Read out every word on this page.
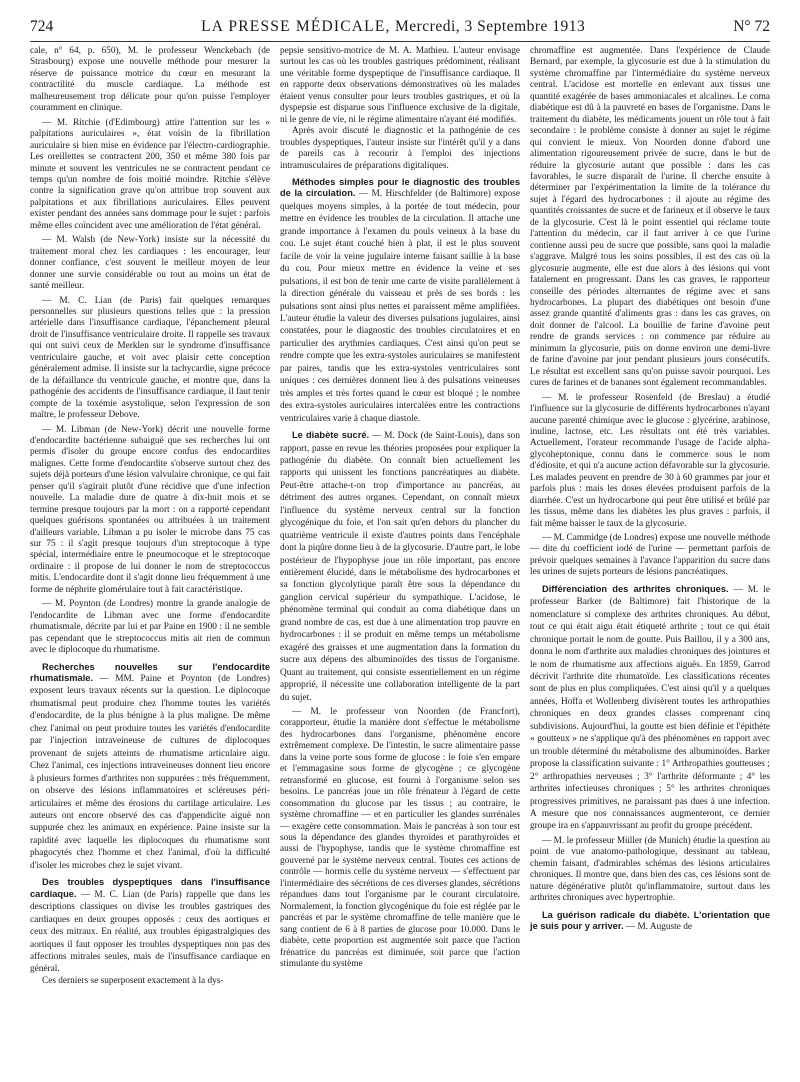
724	LA PRESSE MÉDICALE, Mercredi, 3 Septembre 1913	N° 72

cale, n° 64, p. 650), M. le professeur Wenckebach (de Strasbourg) expose une nouvelle méthode pour mesurer la réserve de puissance motrice du cœur en mesurant la contractilité du muscle cardiaque. La méthode est malheureusement trop délicate pour qu'on puisse l'employer couramment en clinique.

— M. Ritchie (d'Edimbourg) attire l'attention sur les « palpitations auriculaires », état voisin de la fibrillation auriculaire si bien mise en évidence par l'électro-cardiographie. Les oreillettes se contractent 200, 350 et même 380 fois par minute et souvent les ventricules ne se contractent pendant ce temps qu'un nombre de fois moitié moindre. Ritchie s'élève contre la signification grave qu'on attribue trop souvent aux palpitations et aux fibrillations auriculaires. Elles peuvent exister pendant des années sans dommage pour le sujet : parfois même elles coïncident avec une amélioration de l'état général.

— M. Walsh (de New-York) insiste sur la nécessité du traitement moral chez les cardiaques : les encourager, leur donner confiance, c'est souvent le meilleur moyen de leur donner une survie considérable ou tout au moins un état de santé meilleur.

— M. C. Lian (de Paris) fait quelques remarques personnelles sur plusieurs questions telles que : la pression artérielle dans l'insuffisance cardiaque, l'épanchement pleural droit de l'insuffisance ventriculaire droite. Il rappelle ses travaux qui ont suivi ceux de Merklen sur le syndrome d'insuffisance ventriculaire gauche, et voit avec plaisir cette conception généralement admise. Il insiste sur la tachycardie, signe précoce de la défaillance du ventricule gauche, et montre que, dans la pathogénie des accidents de l'insuffisance cardiaque, il faut tenir compte de la toxémie asystolique, selon l'expression de son maître, le professeur Debove.

— M. Libman (de New-York) décrit une nouvelle forme d'endocardite bactérienne subaiguë que ses recherches lui ont permis d'isoler du groupe encore confus des endocardites malignes. Cette forme d'endocardite s'observe surtout chez des sujets déjà porteurs d'une lésion valvulaire chronique, ce qui fait penser qu'il s'agirait plutôt d'une récidive que d'une infection nouvelle. La maladie dure de quatre à dix-huit mois et se termine presque toujours par la mort : on a rapporté cependant quelques guérisons spontanées ou attribuées à un traitement d'ailleurs variable. Libman a pu isoler le microbe dans 75 cas sur 75 : il s'agit presque toujours d'un streptocoque à type spécial, intermédiaire entre le pneumocoque et le streptocoque ordinaire : il propose de lui donner le nom de streptococcus mitis. L'endocardite dont il s'agit donne lieu fréquemment à une forme de néphrite glomérulaire tout à fait caractéristique.

— M. Poynton (de Londres) montre la grande analogie de l'endocardite de Libman avec une forme d'endocardite rhumatismale, décrite par lui et par Paine en 1900 : il ne semble pas cependant que le streptococcus mitis ait rien de commun avec le diplocoque du rhumatisme.

Recherches nouvelles sur l'endocardite rhumatismale. — MM. Paine et Poynton (de Londres) exposent leurs travaux récents sur la question. Le diplocoque rhumatismal peut produire chez l'homme toutes les variétés d'endocardite, de la plus bénigne à la plus maligne. De même chez l'animal on peut produire toutes les variétés d'endocardite par l'injection intraveineuse de cultures de diplocoques provenant de sujets atteints de rhumatisme articulaire aigu. Chez l'animal, ces injections intraveineuses donnent lieu encore à plusieurs formes d'arthrites non suppurées : très fréquemment, on observe des lésions inflammatoires et scléreuses péri-articulaires et même des érosions du cartilage articulaire. Les auteurs ont encore observé des cas d'appendicite aiguë non suppurée chez les animaux en expérience. Paine insiste sur la rapidité avec laquelle les diplocoques du rhumatisme sont phagocytés chez l'homme et chez l'animal, d'où la difficulté d'isoler les microbes chez le sujet vivant.
Des troubles dyspeptiques dans l'insuffisance cardiaque. — M. C. Lian (de Paris) rappelle que dans les descriptions classiques on divise les troubles gastriques des cardiaques en deux groupes opposés : ceux des aortiques et ceux des mitraux. En réalité, aux troubles épigastralgiques des aortiques il faut opposer les troubles dyspeptiques non pas des affections mitrales seules, mais de l'insuffisance cardiaque en général.

Ces derniers se superposent exactement à la dys-

pepsie sensitivo-motrice de M. A. Mathieu. L'auteur envisage surtout les cas où les troubles gastriques prédominent, réalisant une véritable forme dyspeptique de l'insuffisance cardiaque. Il en rapporte deux observations démonstratives où les malades étaient venus consulter pour leurs troubles gastriques, et où la dyspepsie est disparue sous l'influence exclusive de la digitale, ni le genre de vie, ni le régime alimentaire n'ayant été modifiés.

Après avoir discuté le diagnostic et la pathogénie de ces troubles dyspeptiques, l'auteur insiste sur l'intérêt qu'il y a dans de pareils cas à recourir à l'emploi des injections intramusculaires de préparations digitaliques.

Méthodes simples pour le diagnostic des troubles de la circulation. — M. Hirschfelder (de Baltimore) expose quelques moyens simples, à la portée de tout médecin, pour mettre en évidence les troubles de la circulation. Il attache une grande importance à l'examen du pouls veineux à la base du cou. Le sujet étant couché bien à plat, il est le plus souvent facile de voir la veine jugulaire interne faisant saillie à la base du cou. Pour mieux mettre en évidence la veine et ses pulsations, il est bon de tenir une carte de visite parallèlement à la direction générale du vaisseau et près de ses bords : les pulsations sont ainsi plus nettes et paraissent même amplifiées. L'auteur étudie la valeur des diverses pulsations jugulaires, ainsi constatées, pour le diagnostic des troubles circulatoires et en particulier des arythmies cardiaques. C'est ainsi qu'on peut se rendre compte que les extra-systoles auriculaires se manifestent par paires, tandis que les extra-systoles ventriculaires sont uniques : ces dernières donnent lieu à des pulsations veineuses très amples et très fortes quand le cœur est bloqué ; le nombre des extra-systoles auriculaires intercalées entre les contractions ventriculaires varie à chaque diastole.
Le diabète sucré. — M. Dock (de Saint-Louis), dans son rapport, passe en revue les théories proposées pour expliquer la pathogénie du diabète. On connaît bien actuellement les rapports qui unissent les fonctions pancréatiques au diabète. Peut-être attache-t-on trop d'importance au pancréas, au détriment des autres organes. Cependant, on connaît mieux l'influence du système nerveux central sur la fonction glycogénique du foie, et l'on sait qu'en dehors du plancher du quatrième ventricule il existe d'autres points dans l'encéphale dont la piqûre donne lieu à de la glycosurie. D'autre part, le lobe postérieur de l'hypophyse joue un rôle important, pas encore entièrement élucidé, dans le métabolisme des hydrocarbones et sa fonction glycolytique paraît être sous la dépendance du ganglion cervical supérieur du sympathique. L'acidose, le phénomène terminal qui conduit au coma diabétique dans un grand nombre de cas, est due à une alimentation trop pauvre en hydrocarbones : il se produit en même temps un métabolisme exagéré des graisses et une augmentation dans la formation du sucre aux dépens des albuminoïdes des tissus de l'organisme. Quant au traitement, qui consiste essentiellement en un régime approprié, il nécessite une collaboration intelligente de la part du sujet.

— M. le professeur von Noorden (de Francfort), corapporteur, étudie la manière dont s'effectue le métabolisme des hydrocarbones dans l'organisme, phénomène encore extrêmement complexe. De l'intestin, le sucre alimentaire passe dans la veine porte sous forme de glucose : le foie s'en empare et l'emmagasine sous forme de glycogène ; ce glycogène retransformé en glucose, est fourni à l'organisme selon ses besoins. Le pancréas joue un rôle frénateur à l'égard de cette consommation du glucose par les tissus ; au contraire, le système chromaffine — et en particulier les glandes surrénales — exagère cette consommation. Mais le pancréas à son tour est sous la dépendance des glandes thyroïdes et parathyroïdes et aussi de l'hypophyse, tandis que le système chromaffine est gouverné par le système nerveux central. Toutes ces actions de contrôle — hormis celle du système nerveux — s'effectuent par l'intermédiaire des sécrétions de ces diverses glandes, sécrétions répandues dans tout l'organisme par le courant circulatoire. Normalement, la fonction glycogénique du foie est réglée par le pancréas et par le système chromaffine de telle manière que le sang contient de 6 à 8 parties de glucose pour 10.000. Dans le diabète, cette proportion est augmentée soit parce que l'action frénatrice du pancréas est diminuée, soit parce que l'action stimulante du système

chromaffine est augmentée. Dans l'expérience de Claude Bernard, par exemple, la glycosurie est due à la stimulation du système chromaffine par l'intermédiaire du système nerveux central. L'acidose est mortelle en enlevant aux tissus une quantité exagérée de bases ammoniacales et alcalines. Le coma diabétique est dû à la pauvreté en bases de l'organisme. Dans le traitement du diabète, les médicaments jouent un rôle tout à fait secondaire : le problème consiste à donner au sujet le régime qui convient le mieux. Von Noorden donne d'abord une alimentation rigoureusement privée de sucre, dans le but de réduire la glycosurie autant que possible : dans les cas favorables, le sucre disparaît de l'urine. Il cherche ensuite à déterminer par l'expérimentation la limite de la tolérance du sujet à l'égard des hydrocarbones : il ajoute au régime des quantités croissantes de sucre et de farineux et il observe le taux de la glycosurie. C'est là le point essentiel qui réclame toute l'attention du médecin, car il faut arriver à ce que l'urine contienne aussi peu de sucre que possible, sans quoi la maladie s'aggrave. Malgré tous les soins possibles, il est des cas où la glycosurie augmente, elle est due alors à des lésions qui vont fatalement en progressant. Dans les cas graves, le rapporteur conseille des périodes alternantes de régime avec et sans hydrocarbones. La plupart des diabétiques ont besoin d'une assez grande quantité d'aliments gras : dans les cas graves, on doit donner de l'alcool. La bouillie de farine d'avoine peut rendre de grands services : on commence par réduire au minimum la glycosurie, puis on donne environ une demi-livre de farine d'avoine par jour pendant plusieurs jours consécutifs. Le résultat est excellent sans qu'on puisse savoir pourquoi. Les cures de farines et de bananes sont également recommandables.

— M. le professeur Rosenfeld (de Breslau) a étudié l'influence sur la glycosurie de différents hydrocarbones n'ayant aucune parenté chimique avec le glucose : glycérine, arabinose, inuline, lactose, etc. Les résultats ont été très variables. Actuellement, l'orateur recommande l'usage de l'acide alpha-glycoheptonique, connu dans le commerce sous le nom d'édiosite, et qui n'a aucune action défavorable sur la glycosurie. Les malades peuvent en prendre de 30 à 60 grammes par jour et parfois plus : mais les doses élevées produisent parfois de la diarrhée. C'est un hydrocarbone qui peut être utilisé et brûlé par les tissus, même dans les diabètes les plus graves : parfois, il fait même baisser le taux de la glycosurie.

— M. Cammidge (de Londres) expose une nouvelle méthode — dite du coefficient iodé de l'urine — permettant parfois de prévoir quelques semaines à l'avance l'apparition du sucre dans les urines de sujets porteurs de lésions pancréatiques.

Différenciation des arthrites chroniques. — M. le professeur Barker (de Baltimore) fait l'historique de la nomenclature si complexe des arthrites chroniques. Au début, tout ce qui était aigu était étiqueté arthrite ; tout ce qui était chronique portait le nom de goutte. Puis Baillou, il y a 300 ans, donna le nom d'arthrite aux maladies chroniques des jointures et le nom de rhumatisme aux affections aiguës. En 1859, Garrod décrivit l'arthrite dite rhumatoïde. Les classifications récentes sont de plus en plus compliquées. C'est ainsi qu'il y a quelques années, Hoffa et Wollenberg divisèrent toutes les arthropathies chroniques en deux grandes classes comprenant cinq subdivisions. Aujourd'hui, la goutte est bien définie et l'épithète « goutteux » ne s'applique qu'à des phénomènes en rapport avec un trouble déterminé du métabolisme des albuminoïdes. Barker propose la classification suivante : 1° Arthropathies goutteuses ; 2° arthropathies nerveuses ; 3° l'arthrite déformante ; 4° les arthrites infectieuses chroniques ; 5° les arthrites chroniques progressives primitives, ne paraissant pas dues à une infection. A mesure que nos connaissances augmenteront, ce dernier groupe ira en s'appauvrissant au profit du groupe précédent.

— M. le professeur Müller (de Munich) étudie la question au point de vue anatomo-pathologique, dessinant au tableau, chemin faisant, d'admirables schémas des lésions articulaires chroniques. Il montre que, dans bien des cas, ces lésions sont de nature dégénérative plutôt qu'inflammatoire, surtout dans les arthrites chroniques avec hypertrophie.

La guérison radicale du diabète. L'orientation que je suis pour y arriver. — M. Auguste de
